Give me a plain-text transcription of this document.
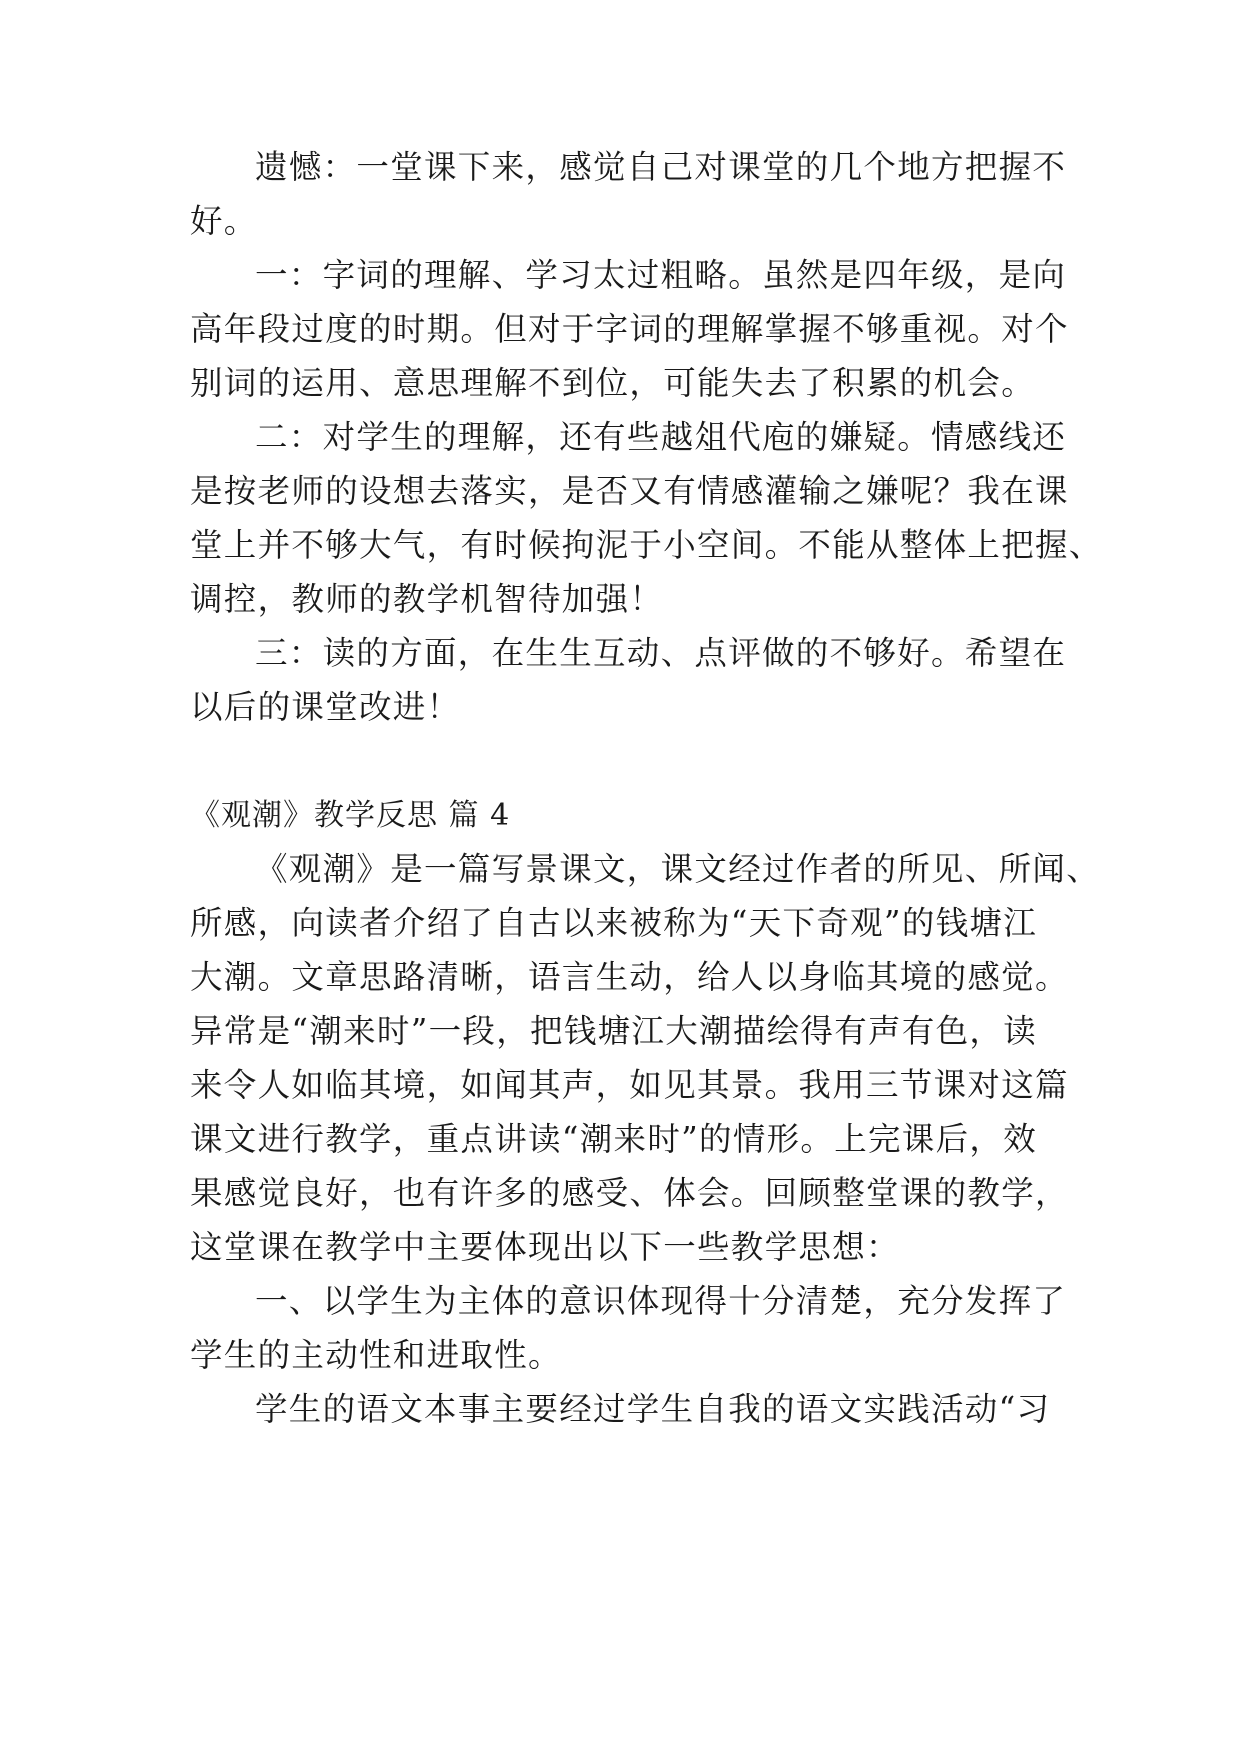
遗憾：一堂课下来，感觉自己对课堂的几个地方把握不
好。
一：字词的理解、学习太过粗略。虽然是四年级，是向
高年段过度的时期。但对于字词的理解掌握不够重视。对个
别词的运用、意思理解不到位，可能失去了积累的机会。
二：对学生的理解，还有些越俎代庖的嫌疑。情感线还
是按老师的设想去落实，是否又有情感灌输之嫌呢？我在课
堂上并不够大气，有时候拘泥于小空间。不能从整体上把握、
调控，教师的教学机智待加强！
三：读的方面，在生生互动、点评做的不够好。希望在
以后的课堂改进！
《观潮》教学反思 篇 4
《观潮》是一篇写景课文，课文经过作者的所见、所闻、
所感，向读者介绍了自古以来被称为“天下奇观”的钱塘江
大潮。文章思路清晰，语言生动，给人以身临其境的感觉。
异常是“潮来时”一段，把钱塘江大潮描绘得有声有色，读
来令人如临其境，如闻其声，如见其景。我用三节课对这篇
课文进行教学，重点讲读“潮来时”的情形。上完课后，效
果感觉良好，也有许多的感受、体会。回顾整堂课的教学，
这堂课在教学中主要体现出以下一些教学思想：
一、以学生为主体的意识体现得十分清楚，充分发挥了
学生的主动性和进取性。
学生的语文本事主要经过学生自我的语文实践活动“习
